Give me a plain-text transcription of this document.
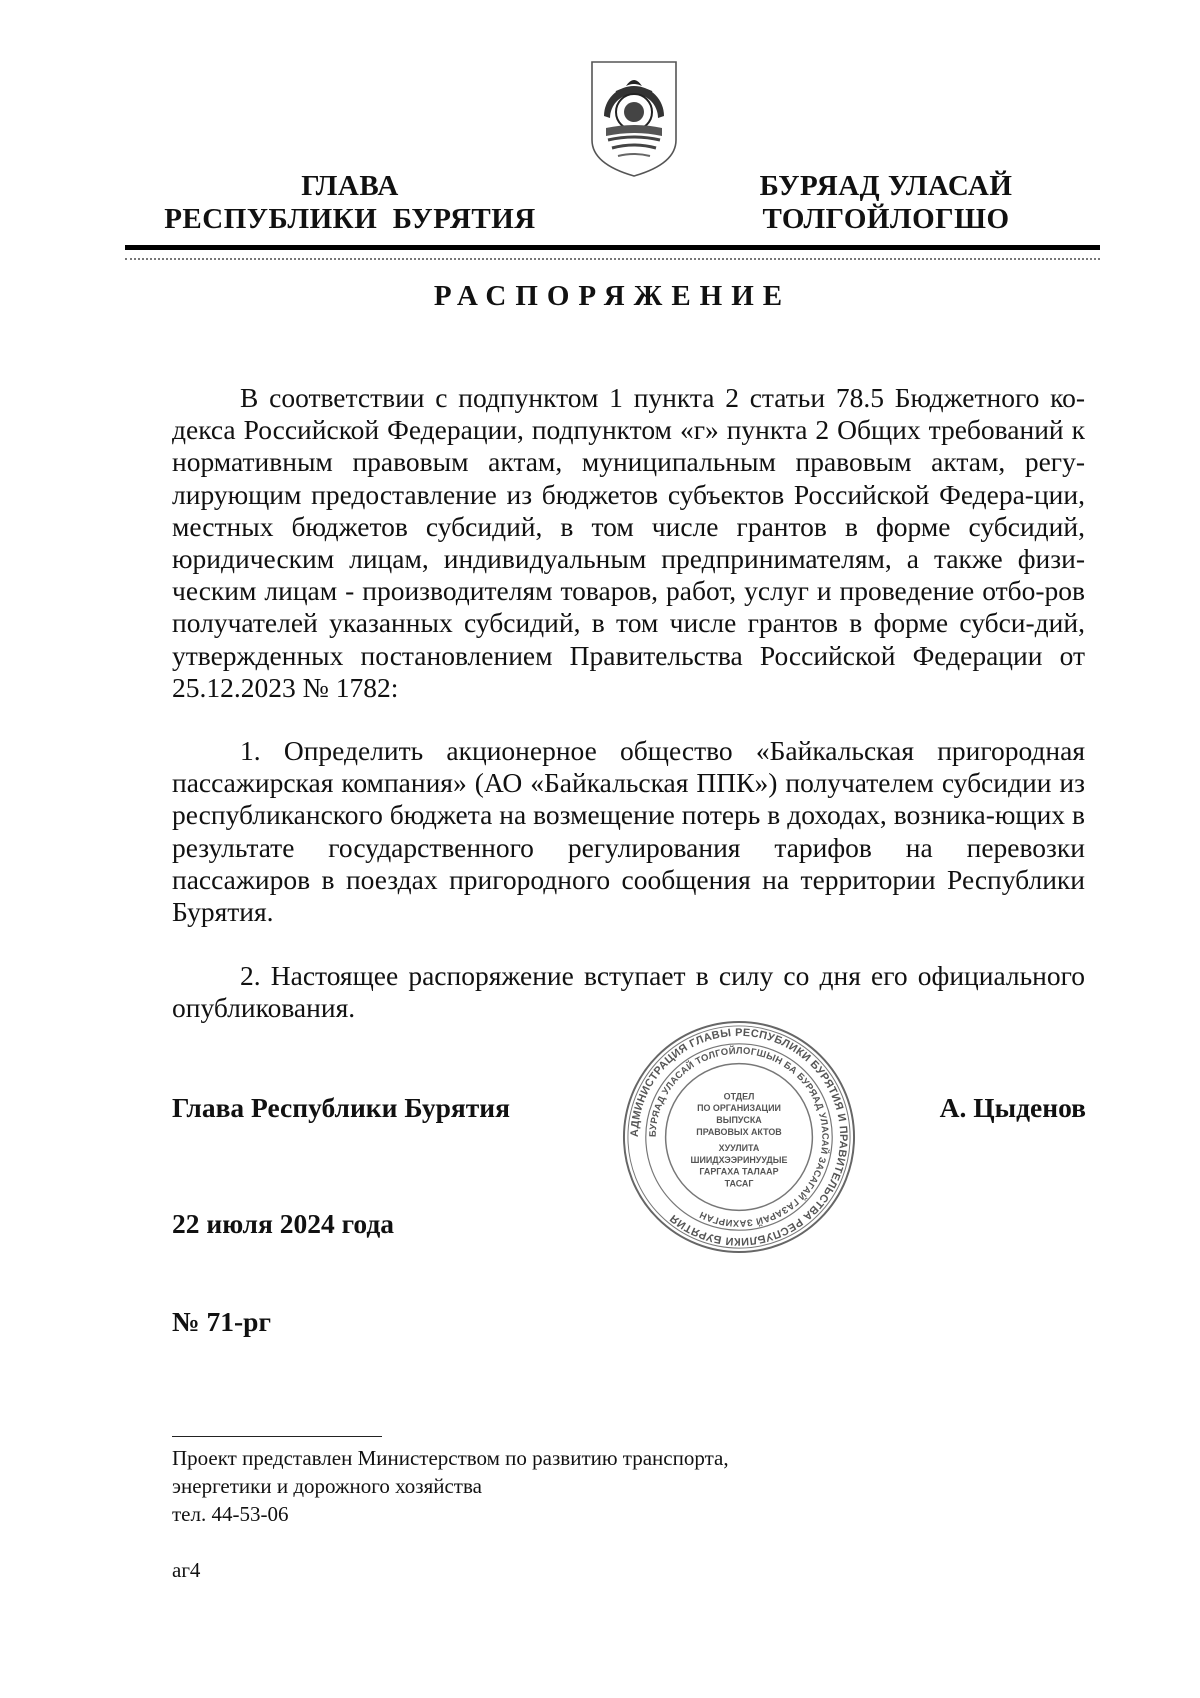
ГЛАВА
РЕСПУБЛИКИ  БУРЯТИЯ
БУРЯАД УЛАСАЙ
ТОЛГОЙЛОГШО
РАСПОРЯЖЕНИЕ
В соответствии с подпунктом 1 пункта 2 статьи 78.5 Бюджетного ко-декса Российской Федерации, подпунктом «г» пункта 2 Общих требований к нормативным правовым актам, муниципальным правовым актам, регу-лирующим предоставление из бюджетов субъектов Российской Федера-ции, местных бюджетов субсидий, в том числе грантов в форме субсидий, юридическим лицам, индивидуальным предпринимателям, а также физи-ческим лицам - производителям товаров, работ, услуг и проведение отбо-ров получателей указанных субсидий, в том числе грантов в форме субси-дий, утвержденных постановлением Правительства Российской Федерации от 25.12.2023 № 1782:
1. Определить акционерное общество «Байкальская пригородная пассажирская компания» (АО «Байкальская ППК») получателем субсидии из республиканского бюджета на возмещение потерь в доходах, возника-ющих в результате государственного регулирования тарифов на перевозки пассажиров в поездах пригородного сообщения на территории Республики Бурятия.
2. Настоящее распоряжение вступает в силу со дня его официального опубликования.
Глава Республики Бурятия	А. Цыденов
22 июля 2024 года
№ 71-рг
АДМИНИСТРАЦИЯ ГЛАВЫ РЕСПУБЛИКИ БУРЯТИЯ И ПРАВИТЕЛЬСТВА РЕСПУБЛИКИ БУРЯТИЯ
БУРЯАД УЛАСАЙ ТОЛГОЙЛОГШЫН БА БУРЯАД УЛАСАЙ ЗАСАГАЙ ГАЗАРАЙ ЗАХИРГАН
ОТДЕЛ
ПО ОРГАНИЗАЦИИ
ВЫПУСКА
ПРАВОВЫХ АКТОВ
ХУУЛИТА
ШИИДХЭЭРИНУУДЫЕ
ГАРГАХА ТАЛААР
ТАСАГ
Проект представлен Министерством по развитию транспорта,
энергетики и дорожного хозяйства
тел. 44-53-06
аг4
